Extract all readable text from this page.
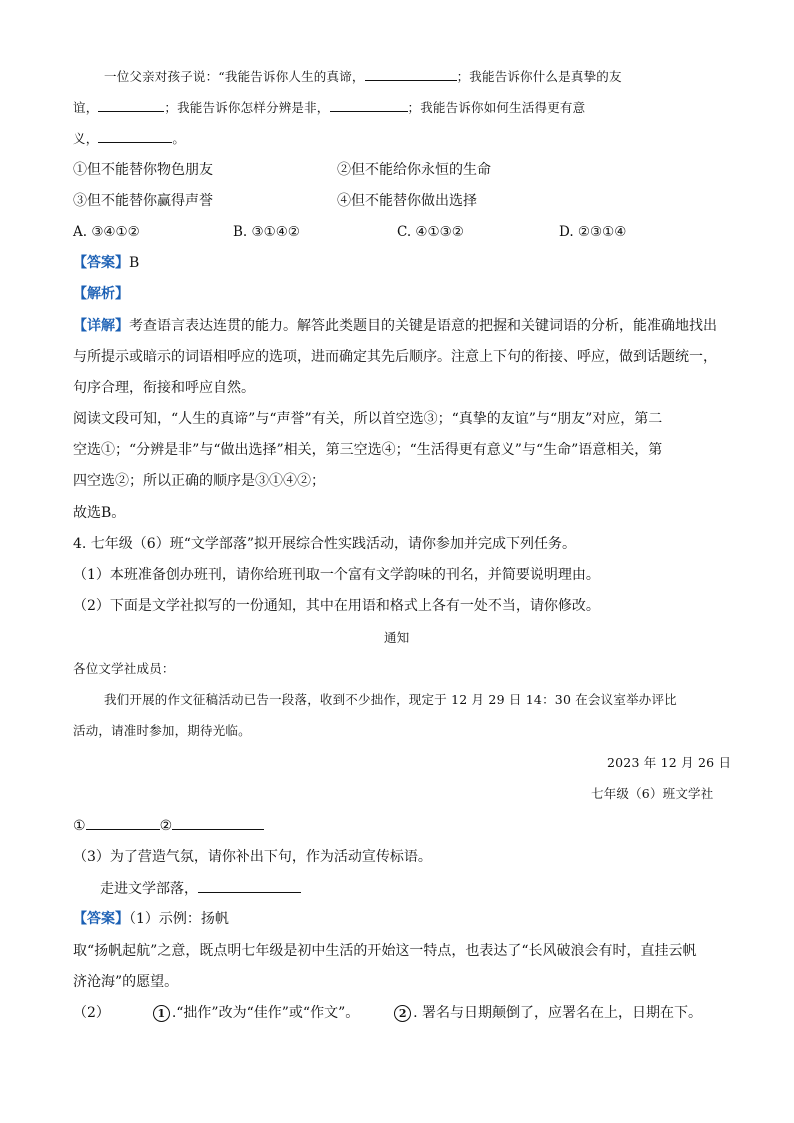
一位父亲对孩子说：“我能告诉你人生的真谛，	；我能告诉你什么是真挚的友
谊，	；我能告诉你怎样分辨是非，	；我能告诉你如何生活得更有意
义，	。
①但不能替你物色朋友	②但不能给你永恒的生命
③但不能替你赢得声誉	④但不能替你做出选择
A. ③④①②	B. ③①④②	C. ④①③②	D. ②③①④
【答案】B
【解析】
【详解】考查语言表达连贯的能力。解答此类题目的关键是语意的把握和关键词语的分析，能准确地找出
与所提示或暗示的词语相呼应的选项，进而确定其先后顺序。注意上下句的衔接、呼应，做到话题统一，
句序合理，衔接和呼应自然。
阅读文段可知，“人生的真谛”与“声誉”有关，所以首空选③；“真挚的友谊”与“朋友”对应，第二
空选①；“分辨是非”与“做出选择”相关，第三空选④；“生活得更有意义”与“生命”语意相关，第
四空选②；所以正确的顺序是③①④②；
故选B。
4. 七年级（6）班“文学部落”拟开展综合性实践活动，请你参加并完成下列任务。
（1）本班准备创办班刊，请你给班刊取一个富有文学韵味的刊名，并简要说明理由。
（2）下面是文学社拟写的一份通知，其中在用语和格式上各有一处不当，请你修改。
通知
各位文学社成员：
我们开展的作文征稿活动已告一段落，收到不少拙作，现定于 12 月 29 日 14：30 在会议室举办评比
活动，请准时参加，期待光临。
2023 年 12 月 26 日
七年级（6）班文学社
①	②
（3）为了营造气氛，请你补出下句，作为活动宣传标语。
走进文学部落，
【答案】（1）示例：扬帆
取“扬帆起航”之意，既点明七年级是初中生活的开始这一特点，也表达了“长风破浪会有时，直挂云帆
济沧海”的愿望。
（2）	1 .“拙作”改为“佳作”或“作文”。	2 . 署名与日期颠倒了，应署名在上，日期在下。
